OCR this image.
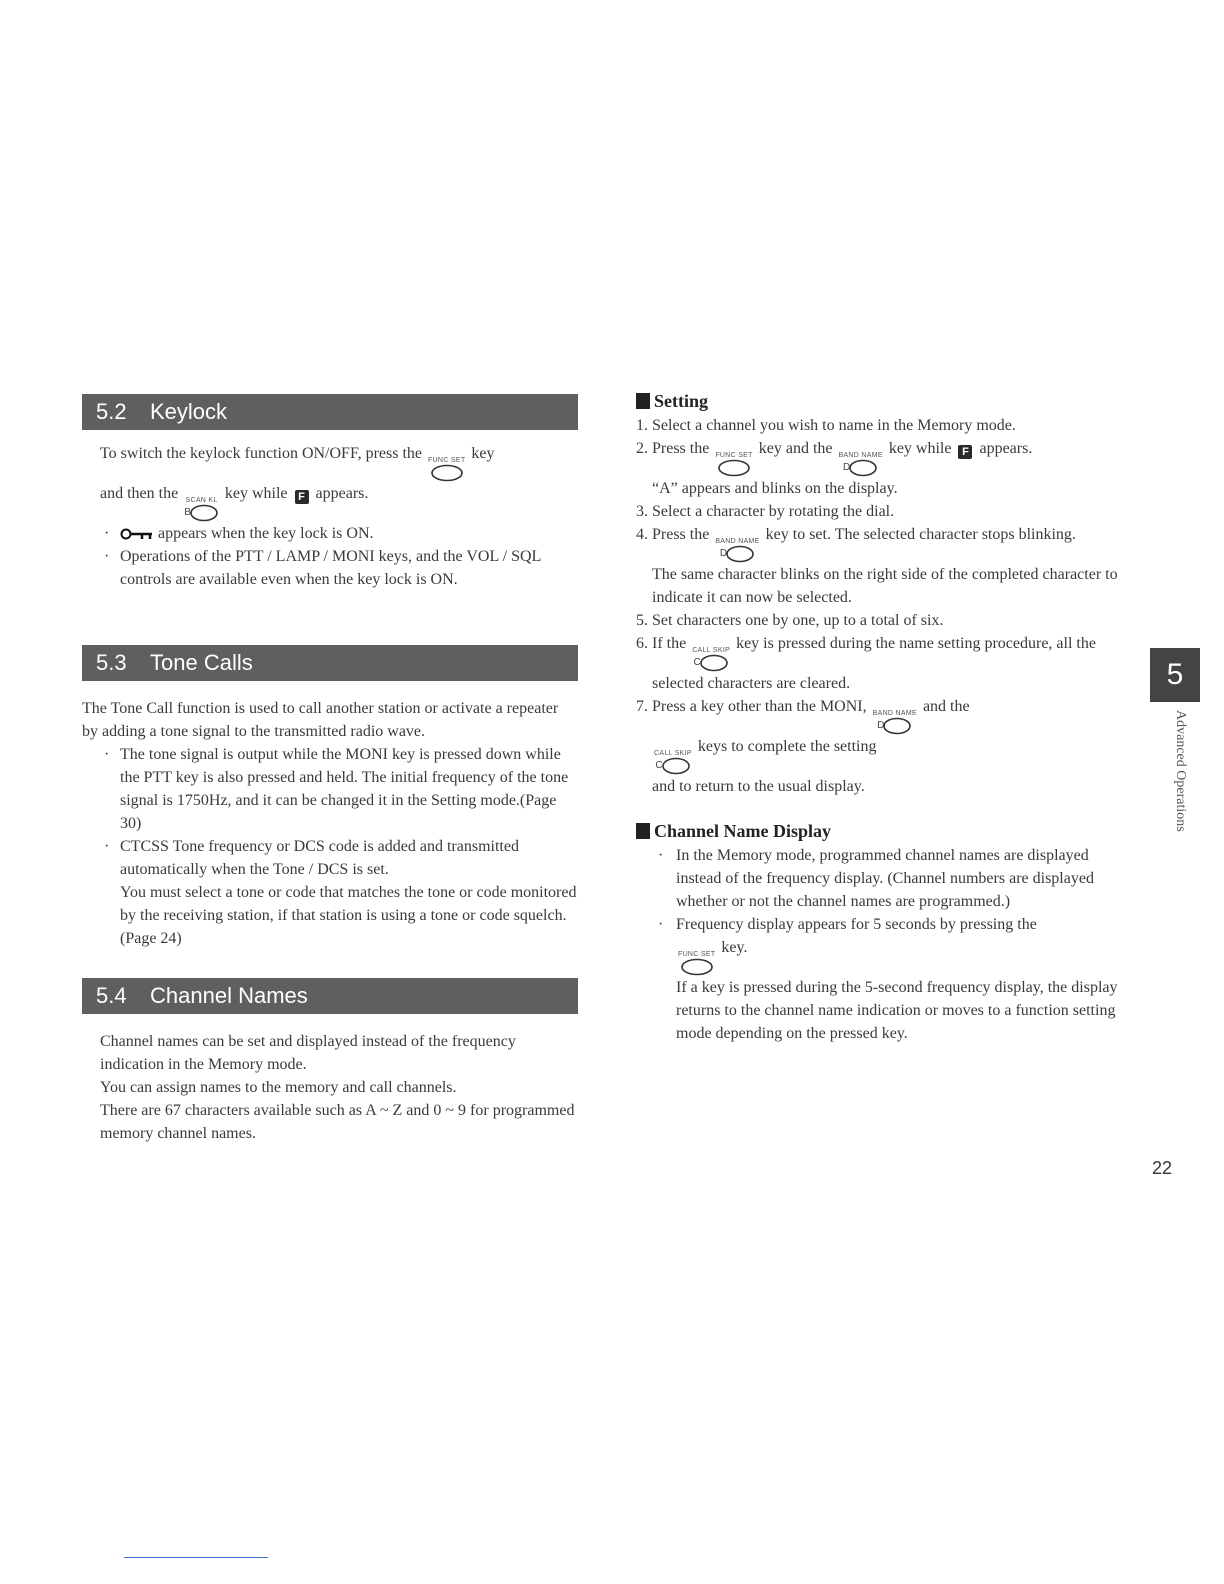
5.2 Keylock
To switch the keylock function ON/OFF, press the FUNC SET key
and then the SCAN KL
B
key while F appears.
· appears when the key lock is ON.
· Operations of the PTT / LAMP / MONI keys, and the VOL / SQL controls are available even when the key lock is ON.
5.3 Tone Calls
The Tone Call function is used to call another station or activate a repeater by adding a tone signal to the transmitted radio wave.
· The tone signal is output while the MONI key is pressed down while the PTT key is also pressed and held. The initial frequency of the tone signal is 1750Hz, and it can be changed it in the Setting mode.(Page 30)
· CTCSS Tone frequency or DCS code is added and transmitted automatically when the Tone / DCS is set.
You must select a tone or code that matches the tone or code monitored by the receiving station, if that station is using a tone or code squelch.(Page 24)
5.4 Channel Names
Channel names can be set and displayed instead of the frequency indication in the Memory mode.
You can assign names to the memory and call channels.
There are 67 characters available such as A ~ Z and 0 ~ 9 for programmed memory channel names.
Setting
1. Select a channel you wish to name in the Memory mode.
2. Press the FUNC SET key and the BAND NAME
D
key while F appears.
“A” appears and blinks on the display.
3. Select a character by rotating the dial.
4. Press the BAND NAME
D
key to set. The selected character stops blinking.
The same character blinks on the right side of the completed character to indicate it can now be selected.
5. Set characters one by one, up to a total of six.
6. If the CALL SKIP
C
key is pressed during the name setting procedure, all the selected characters are cleared.
7. Press a key other than the MONI, BAND NAME
D
and the

CALL SKIP
C
keys to complete the setting
and to return to the usual display.
Channel Name Display
· In the Memory mode, programmed channel names are displayed instead of the frequency display. (Channel numbers are displayed whether or not the channel names are programmed.)
· Frequency display appears for 5 seconds by pressing the

FUNC SET key.
If a key is pressed during the 5-second frequency display, the display returns to the channel name indication or moves to a function setting mode depending on the pressed key.
5
Advanced Operations
22
